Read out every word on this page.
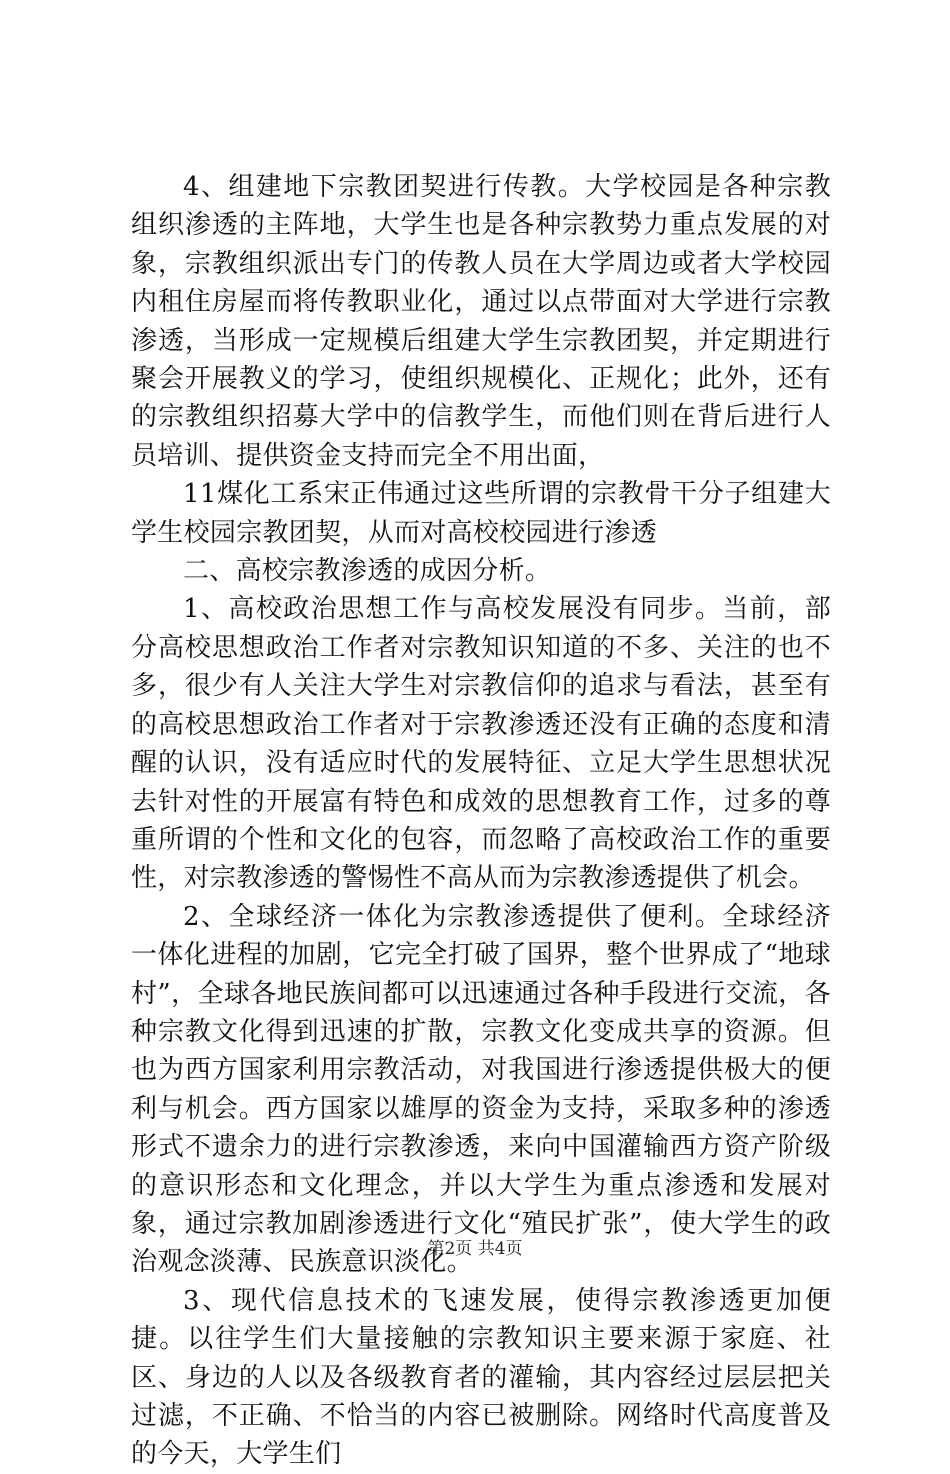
4、组建地下宗教团契进行传教。大学校园是各种宗教组织渗透的主阵地，大学生也是各种宗教势力重点发展的对象，宗教组织派出专门的传教人员在大学周边或者大学校园内租住房屋而将传教职业化，通过以点带面对大学进行宗教渗透，当形成一定规模后组建大学生宗教团契，并定期进行聚会开展教义的学习，使组织规模化、正规化；此外，还有的宗教组织招募大学中的信教学生，而他们则在背后进行人员培训、提供资金支持而完全不用出面，

11煤化工系宋正伟通过这些所谓的宗教骨干分子组建大学生校园宗教团契，从而对高校校园进行渗透

二、高校宗教渗透的成因分析。

1、高校政治思想工作与高校发展没有同步。当前，部分高校思想政治工作者对宗教知识知道的不多、关注的也不多，很少有人关注大学生对宗教信仰的追求与看法，甚至有的高校思想政治工作者对于宗教渗透还没有正确的态度和清醒的认识，没有适应时代的发展特征、立足大学生思想状况去针对性的开展富有特色和成效的思想教育工作，过多的尊重所谓的个性和文化的包容，而忽略了高校政治工作的重要性，对宗教渗透的警惕性不高从而为宗教渗透提供了机会。

2、全球经济一体化为宗教渗透提供了便利。全球经济一体化进程的加剧，它完全打破了国界，整个世界成了“地球村”，全球各地民族间都可以迅速通过各种手段进行交流，各种宗教文化得到迅速的扩散，宗教文化变成共享的资源。但也为西方国家利用宗教活动，对我国进行渗透提供极大的便利与机会。西方国家以雄厚的资金为支持，采取多种的渗透形式不遗余力的进行宗教渗透，来向中国灌输西方资产阶级的意识形态和文化理念，并以大学生为重点渗透和发展对象，通过宗教加剧渗透进行文化“殖民扩张”，使大学生的政治观念淡薄、民族意识淡化。

3、现代信息技术的飞速发展，使得宗教渗透更加便捷。以往学生们大量接触的宗教知识主要来源于家庭、社区、身边的人以及各级教育者的灌输，其内容经过层层把关过滤，不正确、不恰当的内容已被删除。网络时代高度普及的今天，大学生们

第2页 共4页
